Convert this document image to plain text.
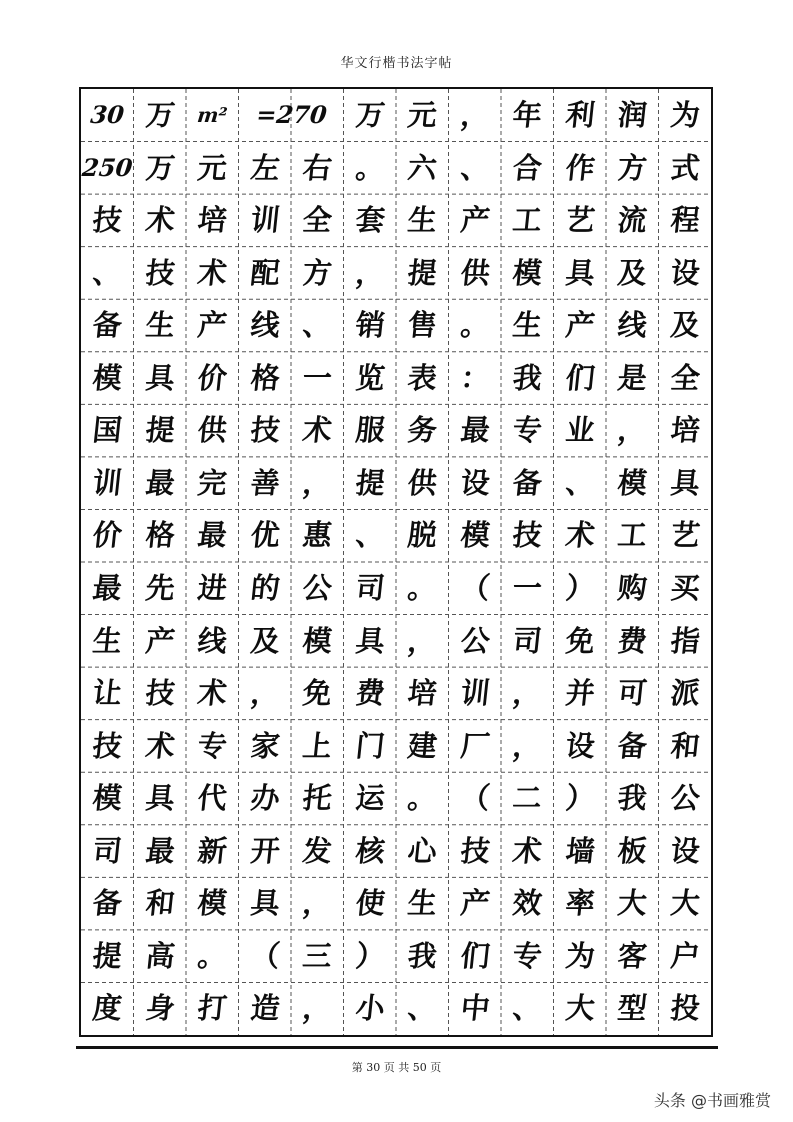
华文行楷书法字帖
30 万 m²	=270 万 元 ， 年 利 润 为
250 万 元 左 右 。 六 、 合 作 方 式
技 术 培 训 全 套 生 产 工 艺 流 程
、 技 术 配 方 ， 提 供 模 具 及 设
备 生 产 线 、 销 售 。 生 产 线 及
模 具 价 格 一 览 表 ： 我 们 是 全
国 提 供 技 术 服 务 最 专 业 ， 培
训 最 完 善 ， 提 供 设 备 、 模 具
价 格 最 优 惠 、 脱 模 技 术 工 艺
最 先 进 的 公 司 。 （ 一 ） 购 买
生 产 线 及 模 具 ， 公 司 免 费 指
让 技 术 ， 免 费 培 训 ， 并 可 派
技 术 专 家 上 门 建 厂 ， 设 备 和
模 具 代 办 托 运 。 （ 二 ） 我 公
司 最 新 开 发 核 心 技 术 墙 板 设
备 和 模 具 ， 使 生 产 效 率 大 大
提 高 。 （ 三 ） 我 们 专 为 客 户
度 身 打 造 ， 小 、 中 、 大 型 投
第 30 页 共 50 页
头条 @书画雅赏
